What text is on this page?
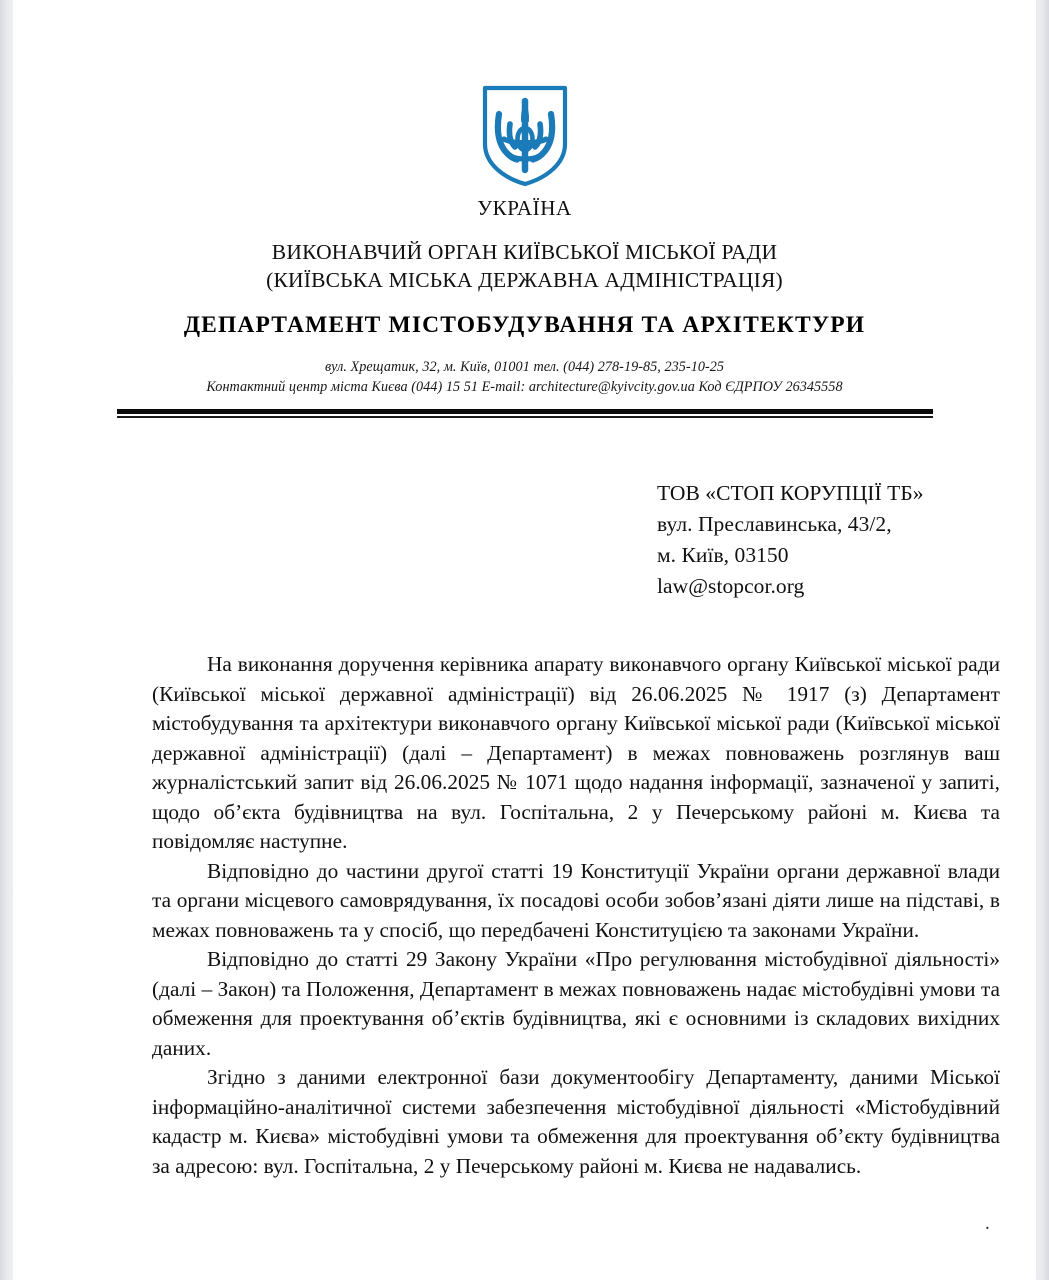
УКРАЇНА
ВИКОНАВЧИЙ ОРГАН КИЇВСЬКОЇ МІСЬКОЇ РАДИ
(КИЇВСЬКА МІСЬКА ДЕРЖАВНА АДМІНІСТРАЦІЯ)
ДЕПАРТАМЕНТ МІСТОБУДУВАННЯ ТА АРХІТЕКТУРИ
вул. Хрещатик, 32, м. Київ, 01001 тел. (044) 278-19-85, 235-10-25
Контактний центр міста Києва (044) 15 51 E-mail: architecture@kyivcity.gov.ua Код ЄДРПОУ 26345558
ТОВ «СТОП КОРУПЦІЇ ТБ»
вул. Преславинська, 43/2,
м. Київ, 03150
law@stopcor.org

На виконання доручення керівника апарату виконавчого органу Київської міської ради (Київської міської державної адміністрації) від 26.06.2025 № 1917 (з) Департамент містобудування та архітектури виконавчого органу Київської міської ради (Київської міської державної адміністрації) (далі – Департамент) в межах повноважень розглянув ваш журналістський запит від 26.06.2025 № 1071 щодо надання інформації, зазначеної у запиті, щодо об’єкта будівництва на вул. Госпітальна, 2 у Печерському районі м. Києва та повідомляє наступне.

Відповідно до частини другої статті 19 Конституції України органи державної влади та органи місцевого самоврядування, їх посадові особи зобов’язані діяти лише на підставі, в межах повноважень та у спосіб, що передбачені Конституцією та законами України.

Відповідно до статті 29 Закону України «Про регулювання містобудівної діяльності» (далі – Закон) та Положення, Департамент в межах повноважень надає містобудівні умови та обмеження для проектування об’єктів будівництва, які є основними із складових вихідних даних.

Згідно з даними електронної бази документообігу Департаменту, даними Міської інформаційно-аналітичної системи забезпечення містобудівної діяльності «Містобудівний кадастр м. Києва» містобудівні умови та обмеження для проектування об’єкту будівництва за адресою: вул. Госпітальна, 2 у Печерському районі м. Києва не надавались.

.
